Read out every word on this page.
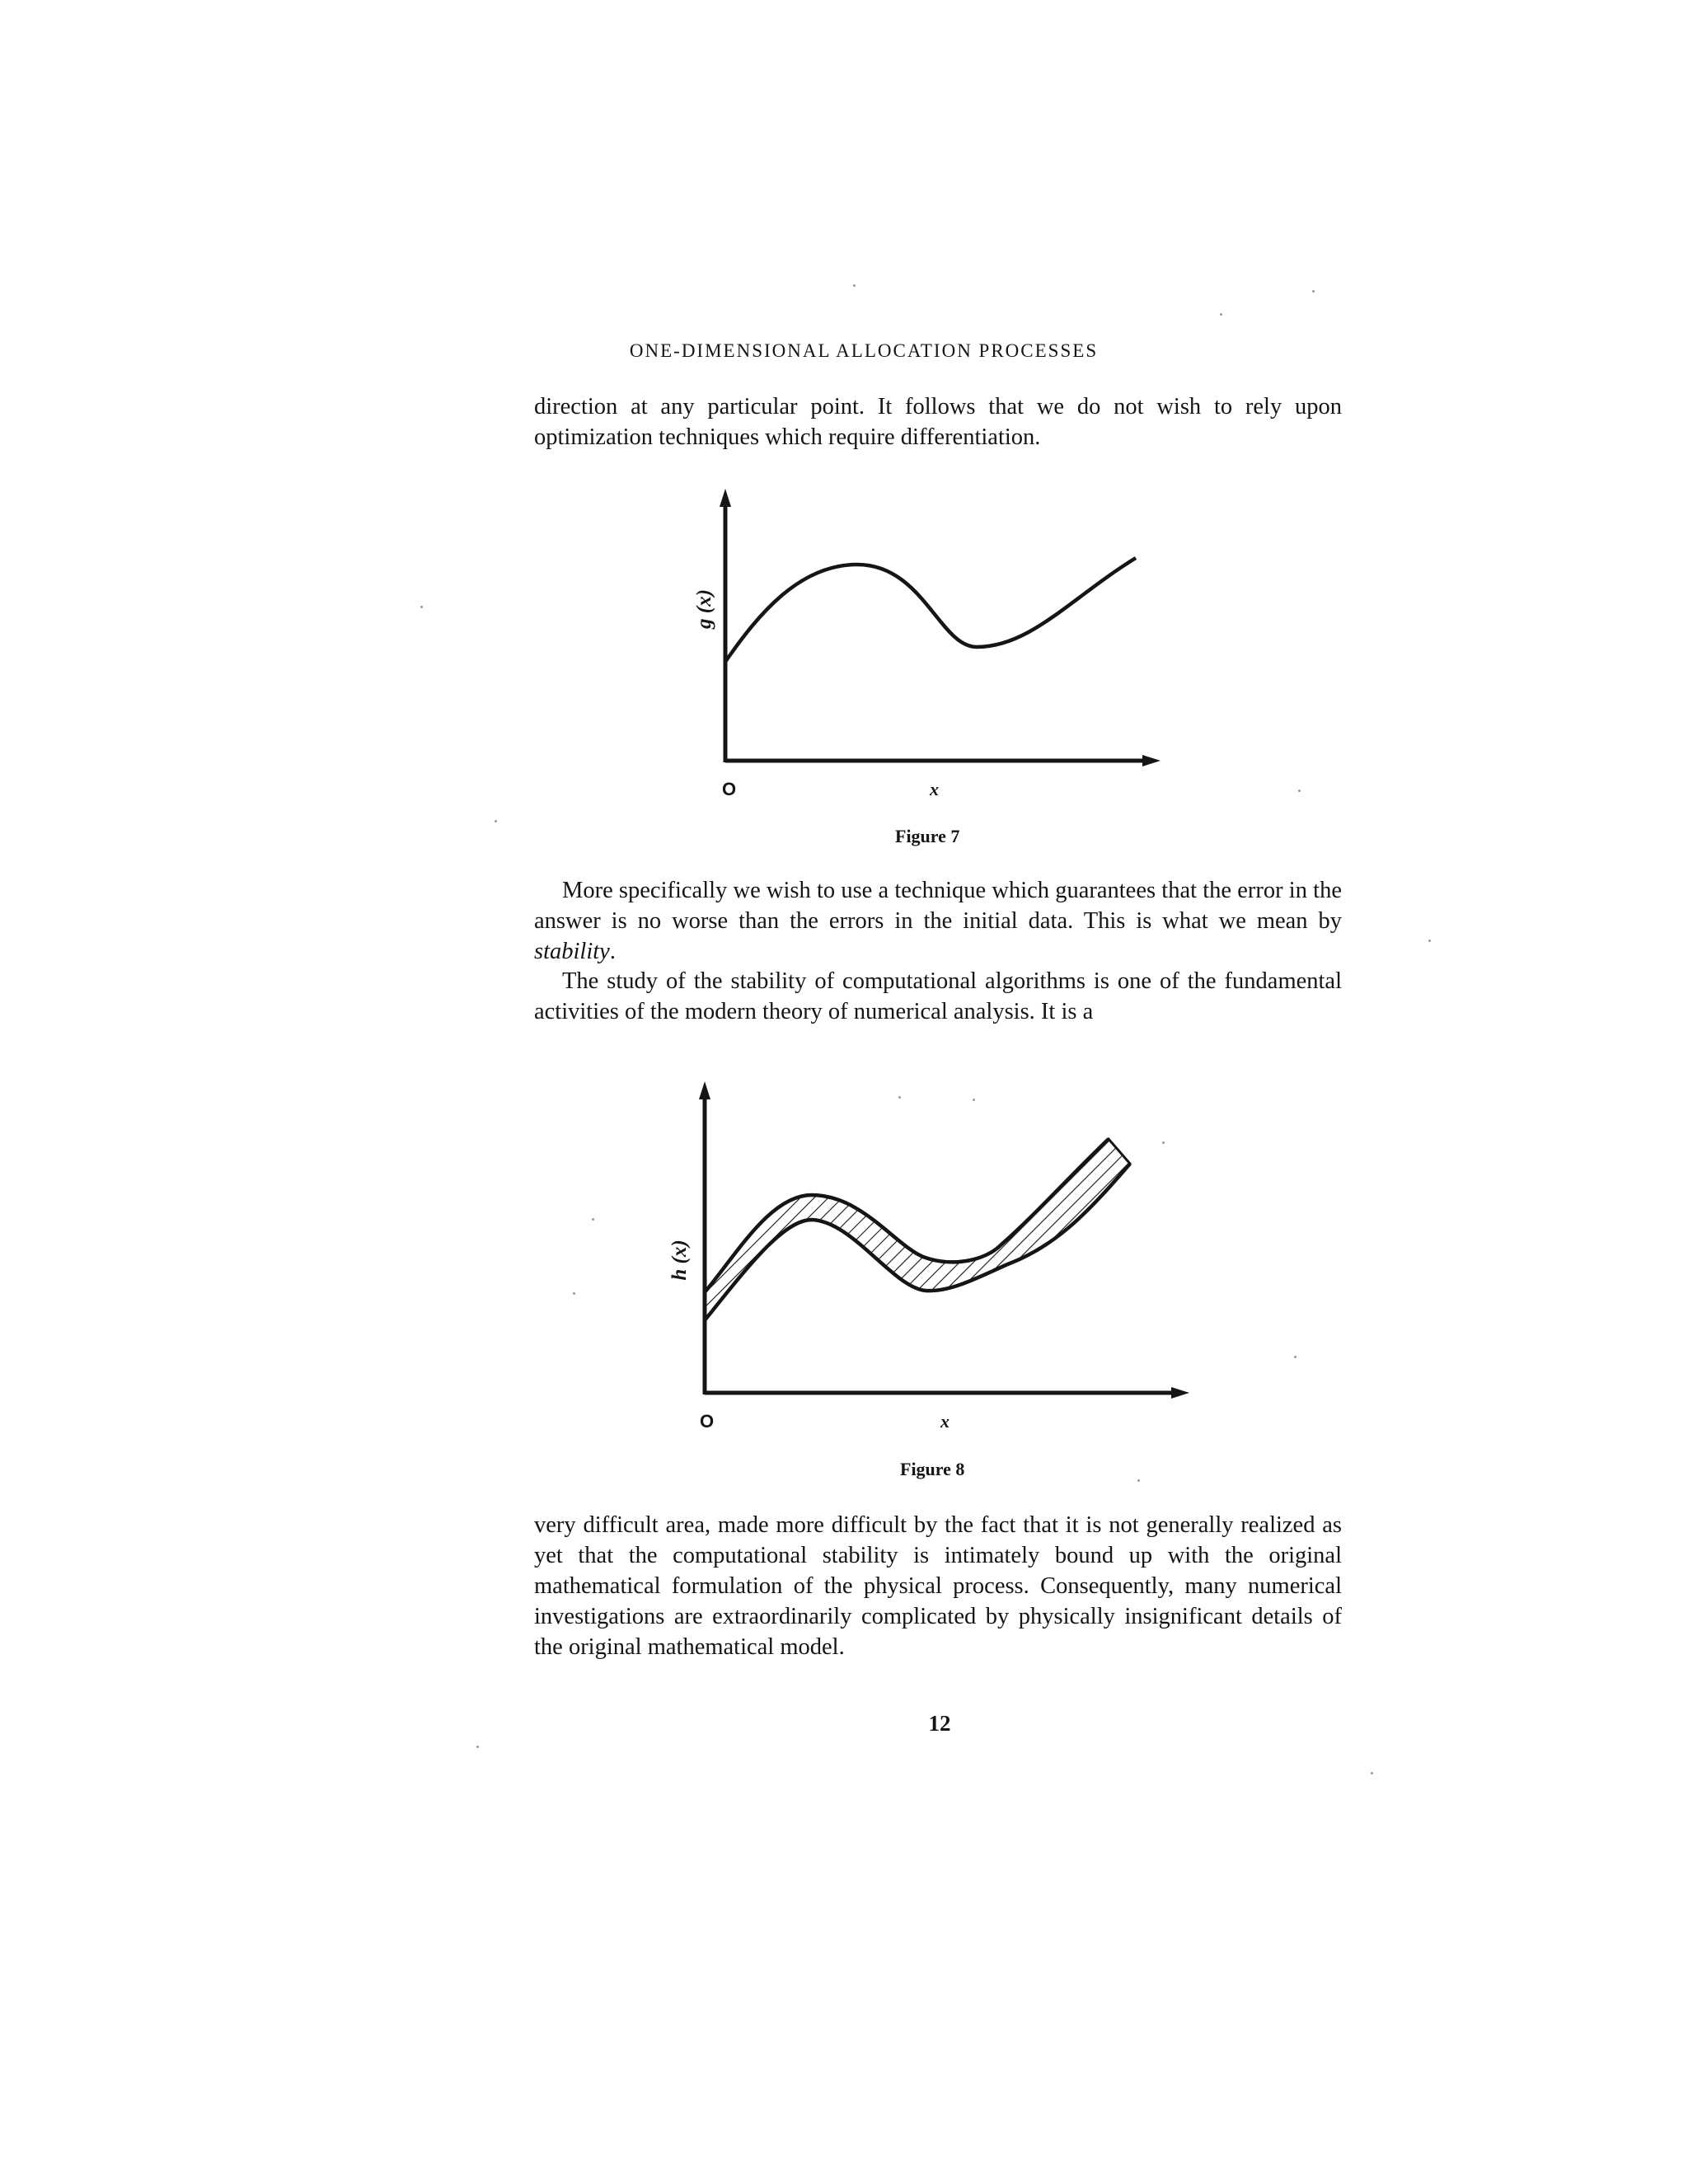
ONE-DIMENSIONAL ALLOCATION PROCESSES

direction at any particular point. It follows that we do not wish to rely upon optimization techniques which require differentiation.

g (x)
O	x
Figure 7

More specifically we wish to use a technique which guarantees that the error in the answer is no worse than the errors in the initial data. This is what we mean by stability.

The study of the stability of computational algorithms is one of the fundamental activities of the modern theory of numerical analysis. It is a

h (x)
O	x
Figure 8

very difficult area, made more difficult by the fact that it is not generally realized as yet that the computational stability is intimately bound up with the original mathematical formulation of the physical process. Consequently, many numerical investigations are extraordinarily complicated by physically insignificant details of the original mathematical model.

12
